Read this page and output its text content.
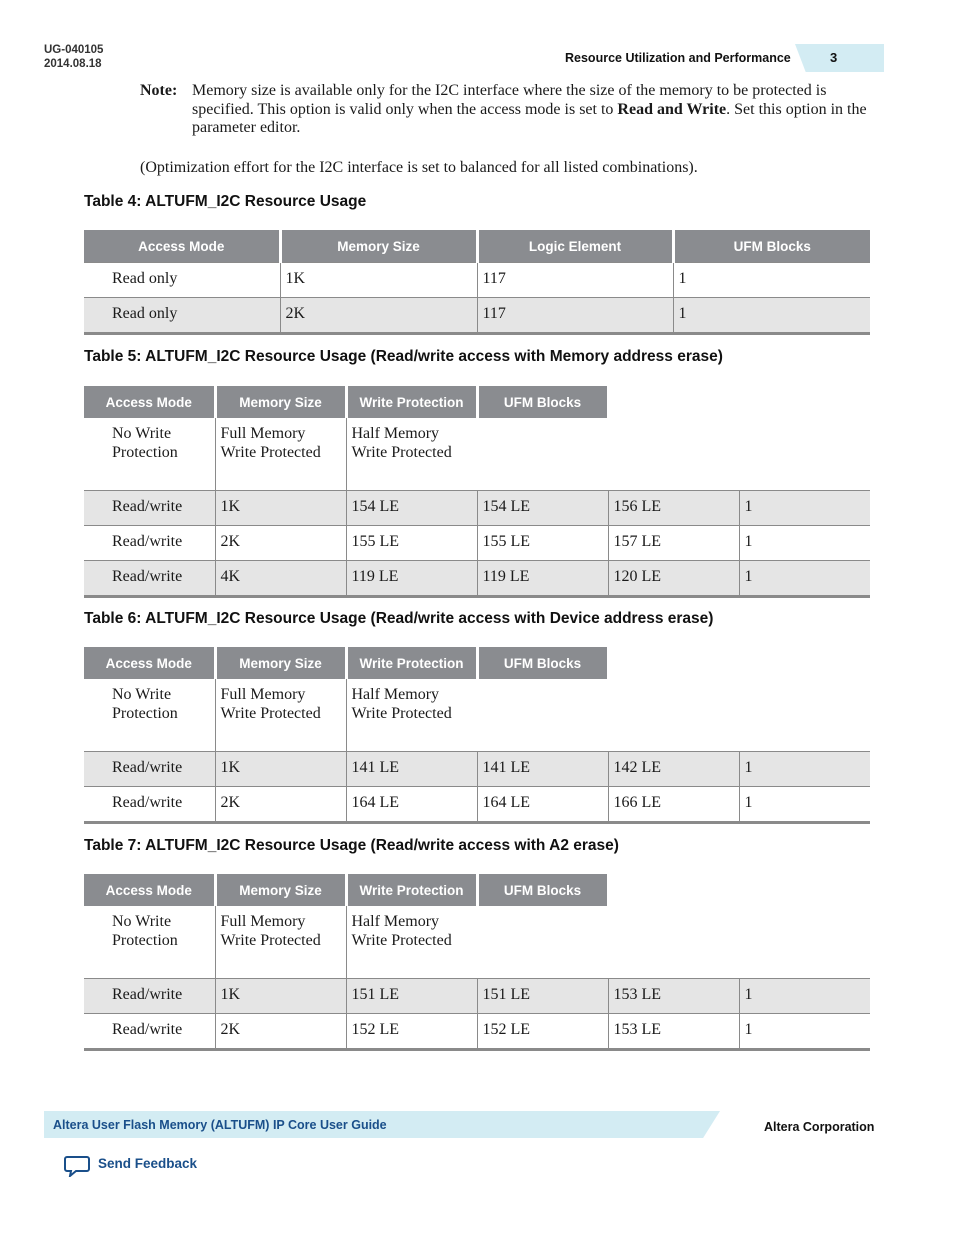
UG-040105
2014.08.18	Resource Utilization and Performance	3
Note: Memory size is available only for the I2C interface where the size of the memory to be protected is specified. This option is valid only when the access mode is set to Read and Write. Set this option in the parameter editor.
(Optimization effort for the I2C interface is set to balanced for all listed combinations).
Table 4: ALTUFM_I2C Resource Usage
Access Mode	Memory Size	Logic Element	UFM Blocks
Read only	1K	117	1
Read only	2K	117	1
Table 5: ALTUFM_I2C Resource Usage (Read/write access with Memory address erase)
Access Mode	Memory Size	Write Protection	UFM Blocks		
No Write Protection	Full Memory Write Protected	Half Memory Write Protected			
Read/write	1K	154 LE	154 LE	156 LE	1
Read/write	2K	155 LE	155 LE	157 LE	1
Read/write	4K	119 LE	119 LE	120 LE	1
Table 6: ALTUFM_I2C Resource Usage (Read/write access with Device address erase)
Access Mode	Memory Size	Write Protection	UFM Blocks		
No Write Protection	Full Memory Write Protected	Half Memory Write Protected			
Read/write	1K	141 LE	141 LE	142 LE	1
Read/write	2K	164 LE	164 LE	166 LE	1
Table 7: ALTUFM_I2C Resource Usage (Read/write access with A2 erase)
Access Mode	Memory Size	Write Protection	UFM Blocks		
No Write Protection	Full Memory Write Protected	Half Memory Write Protected			
Read/write	1K	151 LE	151 LE	153 LE	1
Read/write	2K	152 LE	152 LE	153 LE	1
Altera User Flash Memory (ALTUFM) IP Core User Guide	Altera Corporation
Send Feedback
